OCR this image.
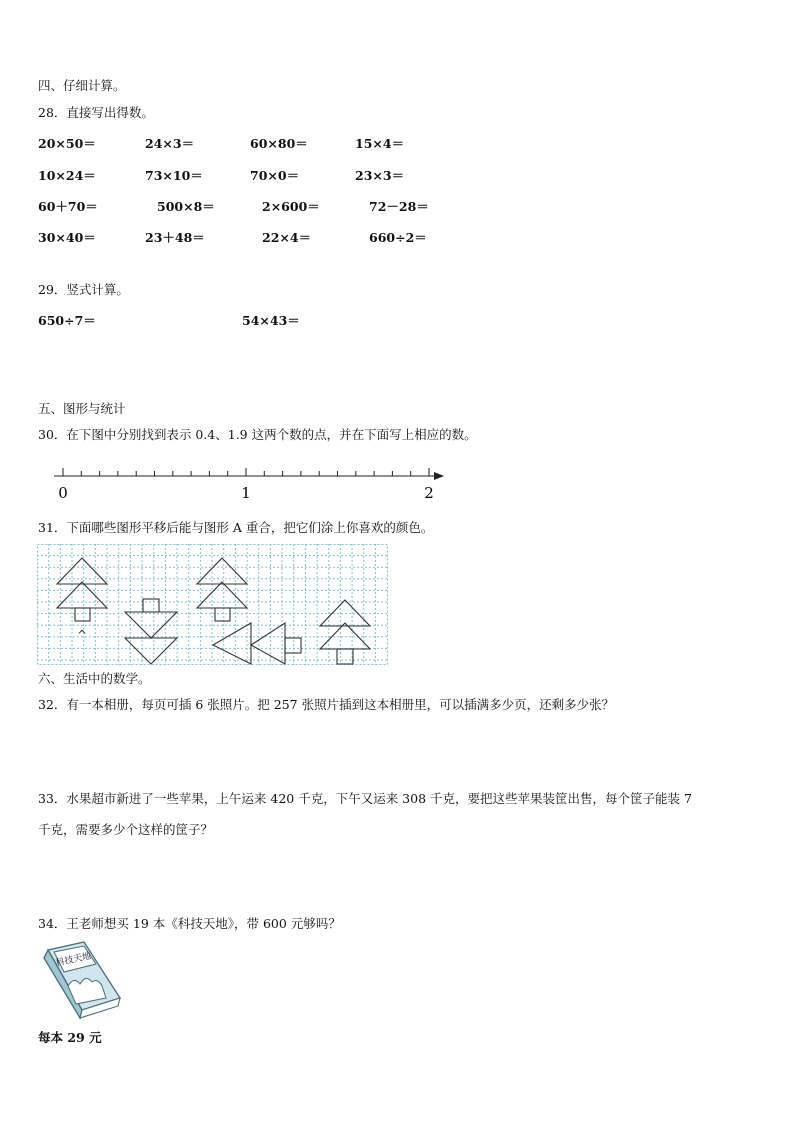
四、仔细计算。
28．直接写出得数。
20×50＝	24×3＝	60×80＝	15×4＝
10×24＝	73×10＝	70×0＝	23×3＝
60＋70＝	500×8＝	2×600＝	72－28＝
30×40＝	23＋48＝	22×4＝	660÷2＝
29．竖式计算。
650÷7＝	54×43＝
五、图形与统计
30．在下图中分别找到表示 0.4、1.9 这两个数的点，并在下面写上相应的数。
0	1	2
31．下面哪些图形平移后能与图形 A 重合，把它们涂上你喜欢的颜色。
^
六、生活中的数学。
32．有一本相册，每页可插 6 张照片。把 257 张照片插到这本相册里，可以插满多少页，还剩多少张？
33．水果超市新进了一些苹果，上午运来 420 千克，下午又运来 308 千克，要把这些苹果装筐出售，每个筐子能装 7
千克，需要多少个这样的筐子？
34．王老师想买 19 本《科技天地》，带 600 元够吗？
科技天地
每本 29 元
